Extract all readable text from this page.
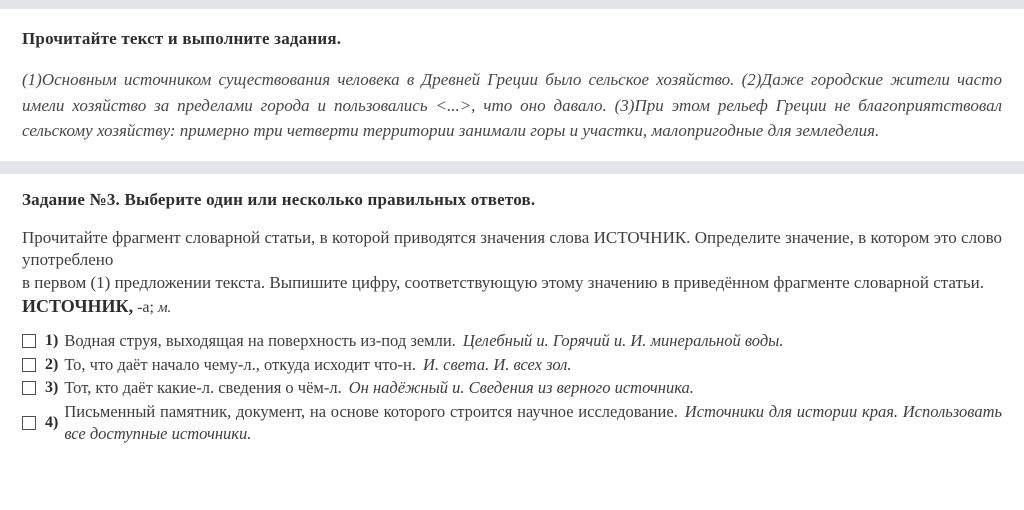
Прочитайте текст и выполните задания.

(1)Основным источником существования человека в Древней Греции было сельское хозяйство. (2)Даже городские жители часто имели хозяйство за пределами города и пользовались <...>, что оно давало. (3)При этом рельеф Греции не благоприятствовал сельскому хозяйству: примерно три четверти территории занимали горы и участки, малопригодные для земледелия.

Задание №3. Выберите один или несколько правильных ответов.

Прочитайте фрагмент словарной статьи, в которой приводятся значения слова ИСТОЧНИК. Определите значение, в котором это слово употреблено
в первом (1) предложении текста. Выпишите цифру, соответствующую этому значению в приведённом фрагменте словарной статьи.

ИСТОЧНИК, -а; м.

1) Водная струя, выходящая на поверхность из-под земли. Целебный и. Горячий и. И. минеральной воды.
2) То, что даёт начало чему-л., откуда исходит что-н. И. света. И. всех зол.
3) Тот, кто даёт какие-л. сведения о чём-л. Он надёжный и. Сведения из верного источника.
4)
Письменный памятник, документ, на основе которого строится научное исследование. Источники для истории края. Использовать все доступные источники.
